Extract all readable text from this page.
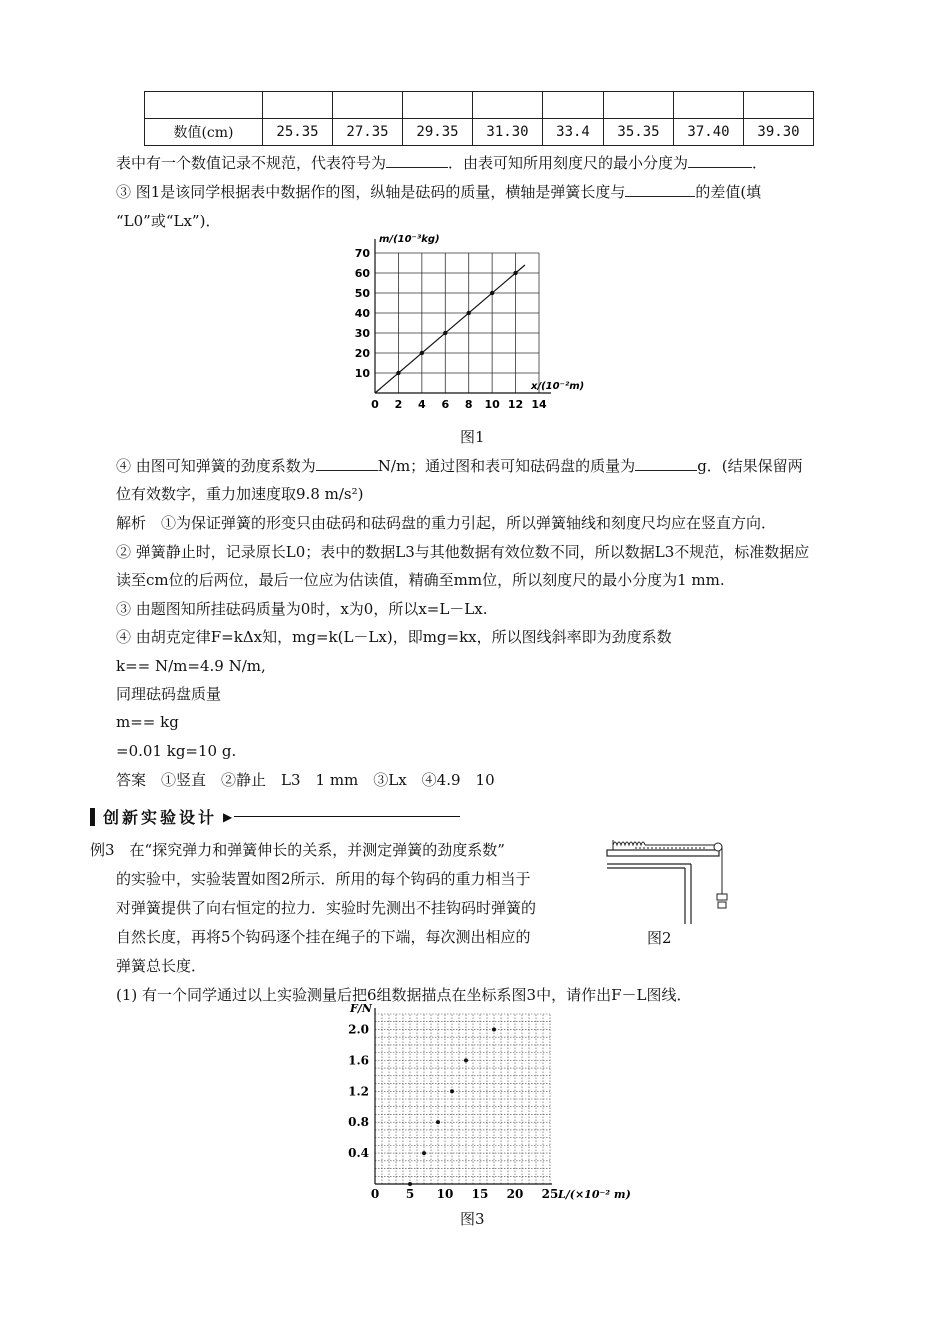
数值(cm)	25.35	27.35	29.35	31.30	33.4	35.35	37.40	39.30
表中有一个数值记录不规范，代表符号为	．由表可知所用刻度尺的最小分度为	．
③ 图1是该同学根据表中数据作的图，纵轴是砝码的质量，横轴是弹簧长度与	的差值(填
“L0”或“Lx”)．
0 2 4 6 8 10 12 14
10
20
30
40
50
60
70
m/(10⁻³kg)
x/(10⁻²m)
图1
④ 由图可知弹簧的劲度系数为	N/m；通过图和表可知砝码盘的质量为	g．(结果保留两
位有效数字，重力加速度取9.8 m/s²)
解析　①为保证弹簧的形变只由砝码和砝码盘的重力引起，所以弹簧轴线和刻度尺均应在竖直方向．
② 弹簧静止时，记录原长L0；表中的数据L3与其他数据有效位数不同，所以数据L3不规范，标准数据应
读至cm位的后两位，最后一位应为估读值，精确至mm位，所以刻度尺的最小分度为1 mm.
③ 由题图知所挂砝码质量为0时，x为0，所以x=L－Lx.
④ 由胡克定律F=kΔx知，mg=k(L－Lx)，即mg=kx，所以图线斜率即为劲度系数
k== N/m=4.9 N/m,
同理砝码盘质量
m== kg
=0.01 kg=10 g.
答案　①竖直　②静止　L3　1 mm　③Lx　④4.9　10
创新实验设计 ▶
例3　在“探究弹力和弹簧伸长的关系，并测定弹簧的劲度系数”
的实验中，实验装置如图2所示．所用的每个钩码的重力相当于
对弹簧提供了向右恒定的拉力．实验时先测出不挂钩码时弹簧的
自然长度，再将5个钩码逐个挂在绳子的下端，每次测出相应的
弹簧总长度．
图2
(1) 有一个同学通过以上实验测量后把6组数据描点在坐标系图3中，请作出F－L图线．
0 5 10 15 20 25
0.4
0.8
1.2
1.6
2.0
F/N
L/(×10⁻² m)
图3
